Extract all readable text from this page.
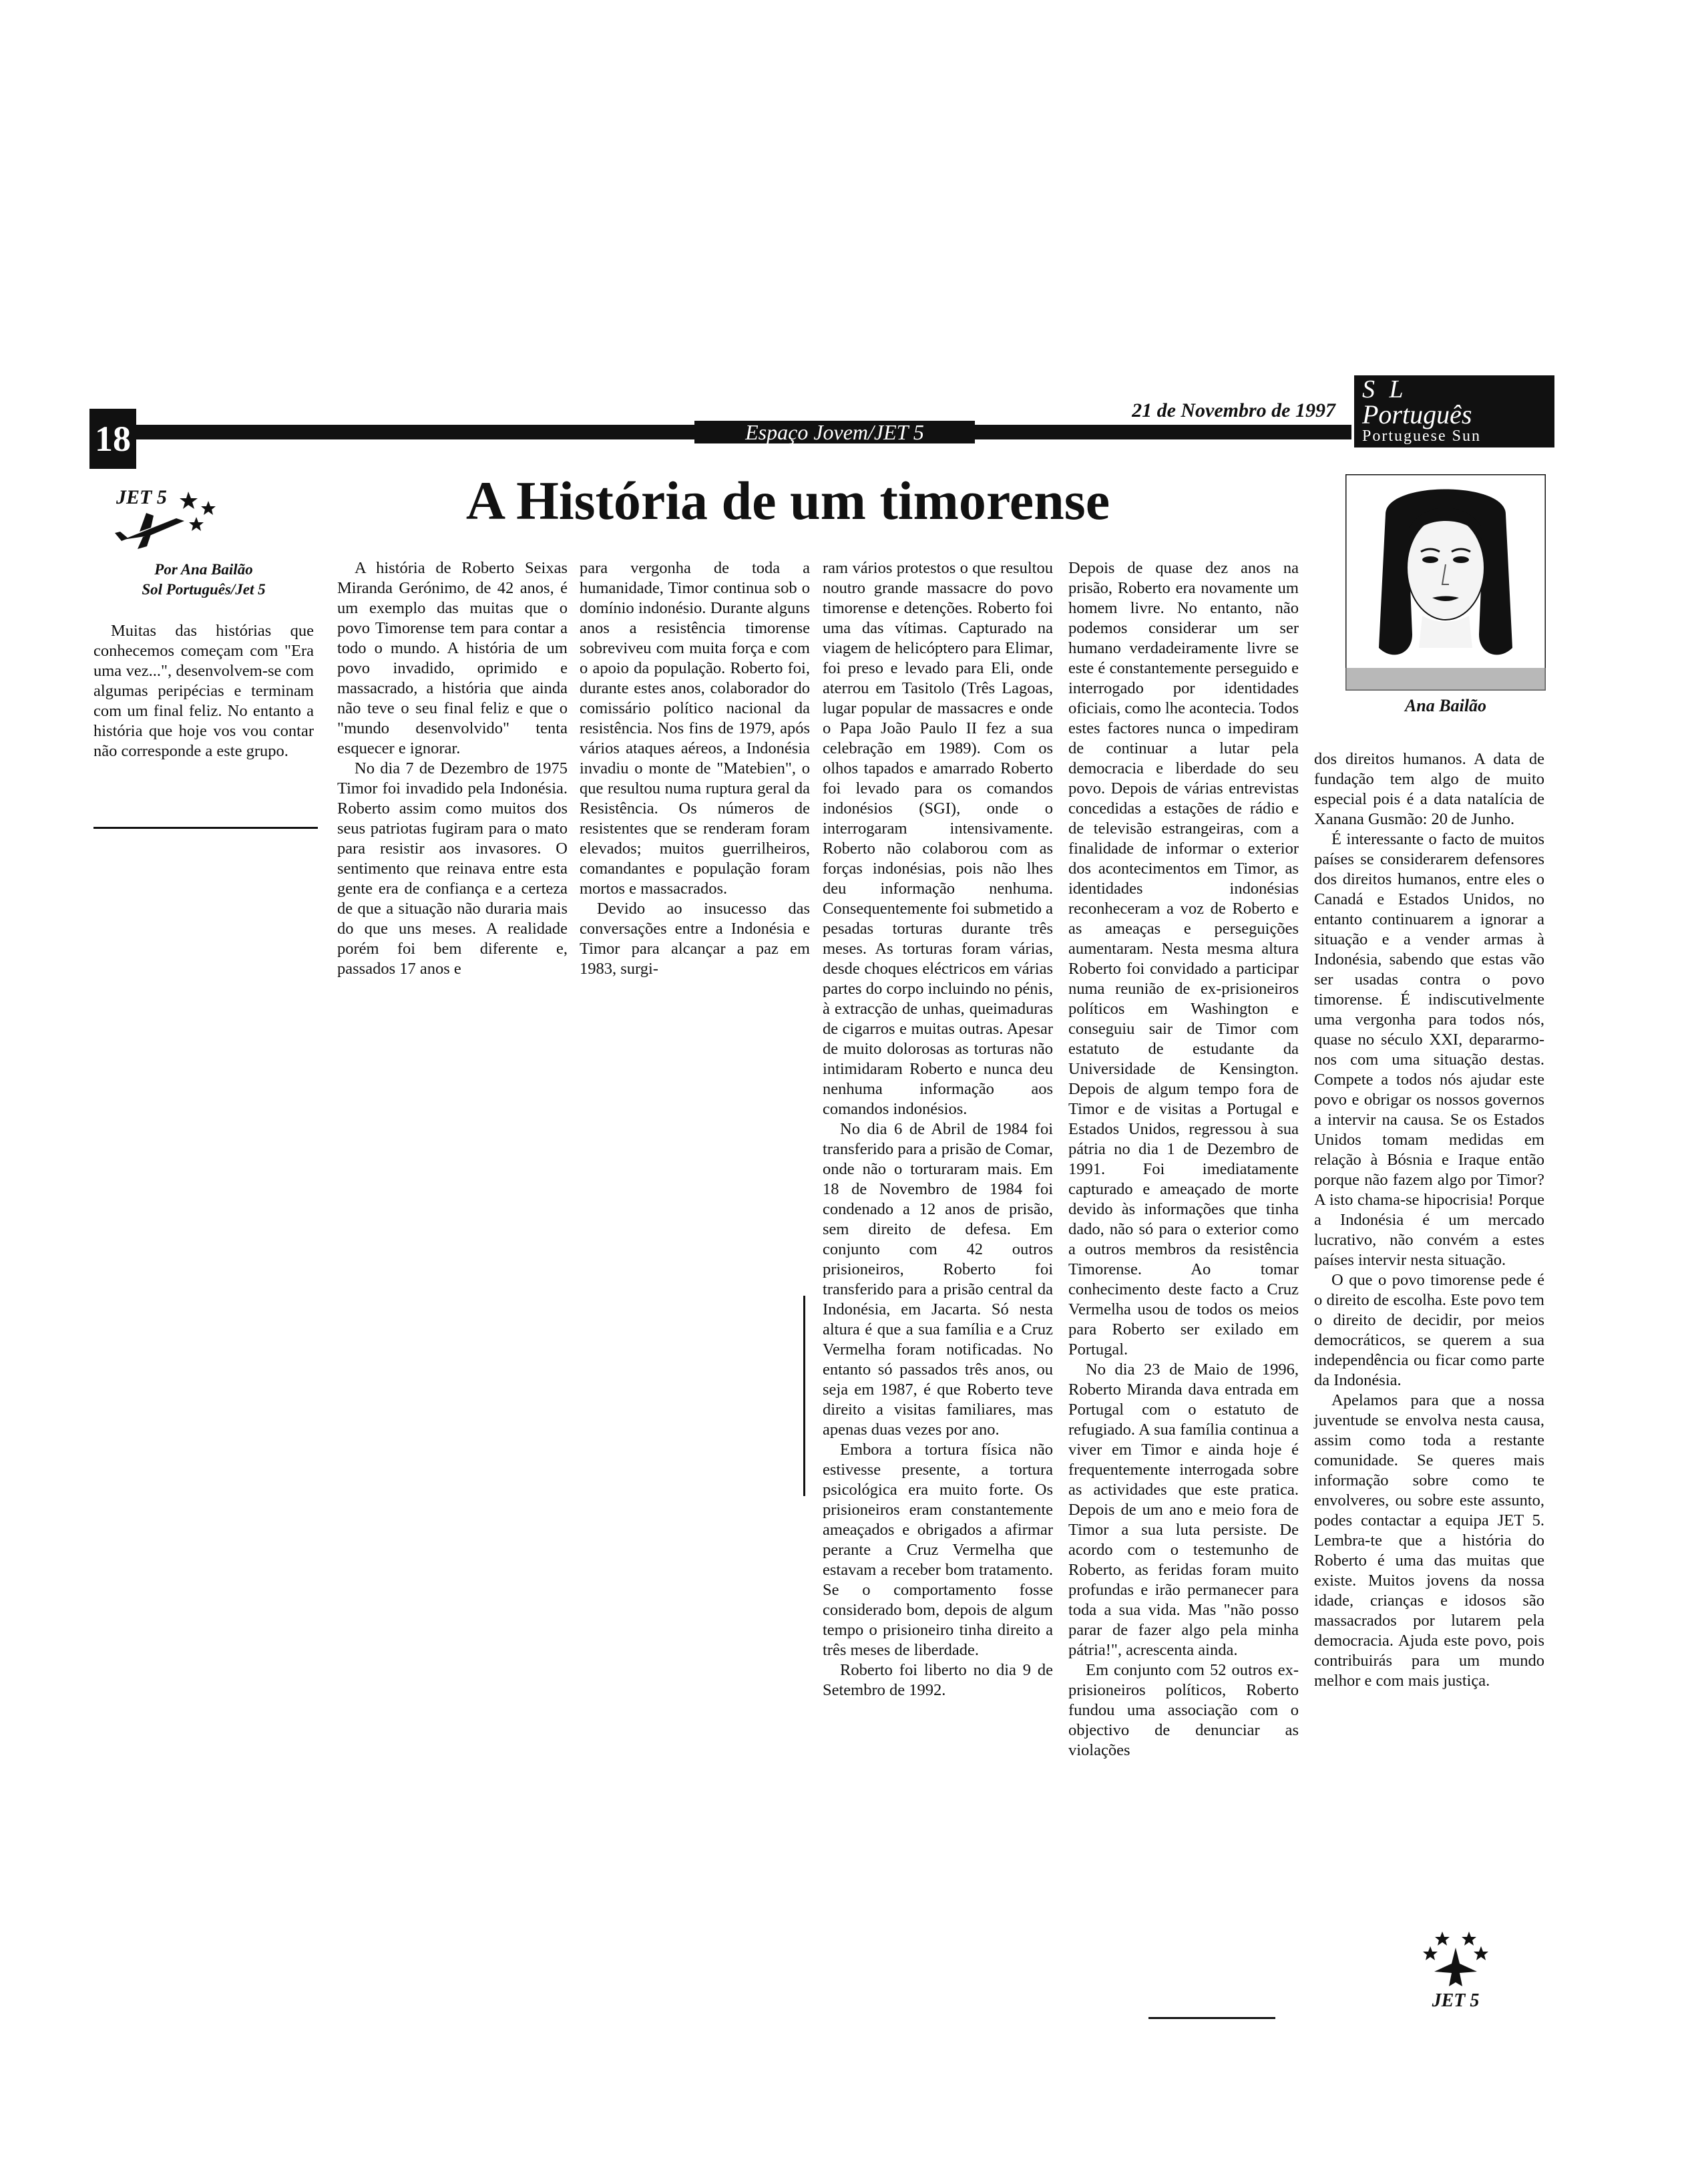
18	Espaço Jovem/JET 5
21 de Novembro de 1997
S L
Português
Portuguese Sun
JET 5	A História de um timorense
Por Ana Bailão
Sol Português/Jet 5

Muitas das histórias que conhecemos começam com "Era uma vez...", desenvolvem-se com algumas peripécias e terminam com um final feliz. No entanto a história que hoje vos vou contar não corresponde a este grupo.

A história de Roberto Seixas Miranda Gerónimo, de 42 anos, é um exemplo das muitas que o povo Timorense tem para contar a todo o mundo. A história de um povo invadido, oprimido e massacrado, a história que ainda não teve o seu final feliz e que o "mundo desenvolvido" tenta esquecer e ignorar.

No dia 7 de Dezembro de 1975 Timor foi invadido pela Indonésia. Roberto assim como muitos dos seus patriotas fugiram para o mato para resistir aos invasores. O sentimento que reinava entre esta gente era de confiança e a certeza de que a situação não duraria mais do que uns meses. A realidade porém foi bem diferente e, passados 17 anos e

para vergonha de toda a humanidade, Timor continua sob o domínio indonésio. Durante alguns anos a resistência timorense sobreviveu com muita força e com o apoio da população. Roberto foi, durante estes anos, colaborador do comissário político nacional da resistência. Nos fins de 1979, após vários ataques aéreos, a Indonésia invadiu o monte de "Matebien", o que resultou numa ruptura geral da Resistência. Os números de resistentes que se renderam foram elevados; muitos guerrilheiros, comandantes e população foram mortos e massacrados.

Devido ao insucesso das conversações entre a Indonésia e Timor para alcançar a paz em 1983, surgi-

ram vários protestos o que resultou noutro grande massacre do povo timorense e detenções. Roberto foi uma das vítimas. Capturado na viagem de helicóptero para Elimar, foi preso e levado para Eli, onde aterrou em Tasitolo (Três Lagoas, lugar popular de massacres e onde o Papa João Paulo II fez a sua celebração em 1989). Com os olhos tapados e amarrado Roberto foi levado para os comandos indonésios (SGI), onde o interrogaram intensivamente. Roberto não colaborou com as forças indonésias, pois não lhes deu informação nenhuma. Consequentemente foi submetido a pesadas torturas durante três meses. As torturas foram várias, desde choques eléctricos em várias partes do corpo incluindo no pénis, à extracção de unhas, queimaduras de cigarros e muitas outras. Apesar de muito dolorosas as torturas não intimidaram Roberto e nunca deu nenhuma informação aos comandos indonésios.

No dia 6 de Abril de 1984 foi transferido para a prisão de Comar, onde não o torturaram mais. Em 18 de Novembro de 1984 foi condenado a 12 anos de prisão, sem direito de defesa. Em conjunto com 42 outros prisioneiros, Roberto foi transferido para a prisão central da Indonésia, em Jacarta. Só nesta altura é que a sua família e a Cruz Vermelha foram notificadas. No entanto só passados três anos, ou seja em 1987, é que Roberto teve direito a visitas familiares, mas apenas duas vezes por ano.

Embora a tortura física não estivesse presente, a tortura psicológica era muito forte. Os prisioneiros eram constantemente ameaçados e obrigados a afirmar perante a Cruz Vermelha que estavam a receber bom tratamento. Se o comportamento fosse considerado bom, depois de algum tempo o prisioneiro tinha direito a três meses de liberdade.

Roberto foi liberto no dia 9 de Setembro de 1992.

Depois de quase dez anos na prisão, Roberto era novamente um homem livre. No entanto, não podemos considerar um ser humano verdadeiramente livre se este é constantemente perseguido e interrogado por identidades oficiais, como lhe acontecia. Todos estes factores nunca o impediram de continuar a lutar pela democracia e liberdade do seu povo. Depois de várias entrevistas concedidas a estações de rádio e de televisão estrangeiras, com a finalidade de informar o exterior dos acontecimentos em Timor, as identidades indonésias reconheceram a voz de Roberto e as ameaças e perseguições aumentaram. Nesta mesma altura Roberto foi convidado a participar numa reunião de ex-prisioneiros políticos em Washington e conseguiu sair de Timor com estatuto de estudante da Universidade de Kensington. Depois de algum tempo fora de Timor e de visitas a Portugal e Estados Unidos, regressou à sua pátria no dia 1 de Dezembro de 1991. Foi imediatamente capturado e ameaçado de morte devido às informações que tinha dado, não só para o exterior como a outros membros da resistência Timorense. Ao tomar conhecimento deste facto a Cruz Vermelha usou de todos os meios para Roberto ser exilado em Portugal.

No dia 23 de Maio de 1996, Roberto Miranda dava entrada em Portugal com o estatuto de refugiado. A sua família continua a viver em Timor e ainda hoje é frequentemente interrogada sobre as actividades que este pratica. Depois de um ano e meio fora de Timor a sua luta persiste. De acordo com o testemunho de Roberto, as feridas foram muito profundas e irão permanecer para toda a sua vida. Mas "não posso parar de fazer algo pela minha pátria!", acrescenta ainda.

Em conjunto com 52 outros ex-prisioneiros políticos, Roberto fundou uma associação com o objectivo de denunciar as violações

Ana Bailão

dos direitos humanos. A data de fundação tem algo de muito especial pois é a data natalícia de Xanana Gusmão: 20 de Junho.

É interessante o facto de muitos países se considerarem defensores dos direitos humanos, entre eles o Canadá e Estados Unidos, no entanto continuarem a ignorar a situação e a vender armas à Indonésia, sabendo que estas vão ser usadas contra o povo timorense. É indiscutivelmente uma vergonha para todos nós, quase no século XXI, depararmo-nos com uma situação destas. Compete a todos nós ajudar este povo e obrigar os nossos governos a intervir na causa. Se os Estados Unidos tomam medidas em relação à Bósnia e Iraque então porque não fazem algo por Timor? A isto chama-se hipocrisia! Porque a Indonésia é um mercado lucrativo, não convém a estes países intervir nesta situação.

O que o povo timorense pede é o direito de escolha. Este povo tem o direito de decidir, por meios democráticos, se querem a sua independência ou ficar como parte da Indonésia.

Apelamos para que a nossa juventude se envolva nesta causa, assim como toda a restante comunidade. Se queres mais informação sobre como te envolveres, ou sobre este assunto, podes contactar a equipa JET 5. Lembra-te que a história do Roberto é uma das muitas que existe. Muitos jovens da nossa idade, crianças e idosos são massacrados por lutarem pela democracia. Ajuda este povo, pois contribuirás para um mundo melhor e com mais justiça.

JET 5
